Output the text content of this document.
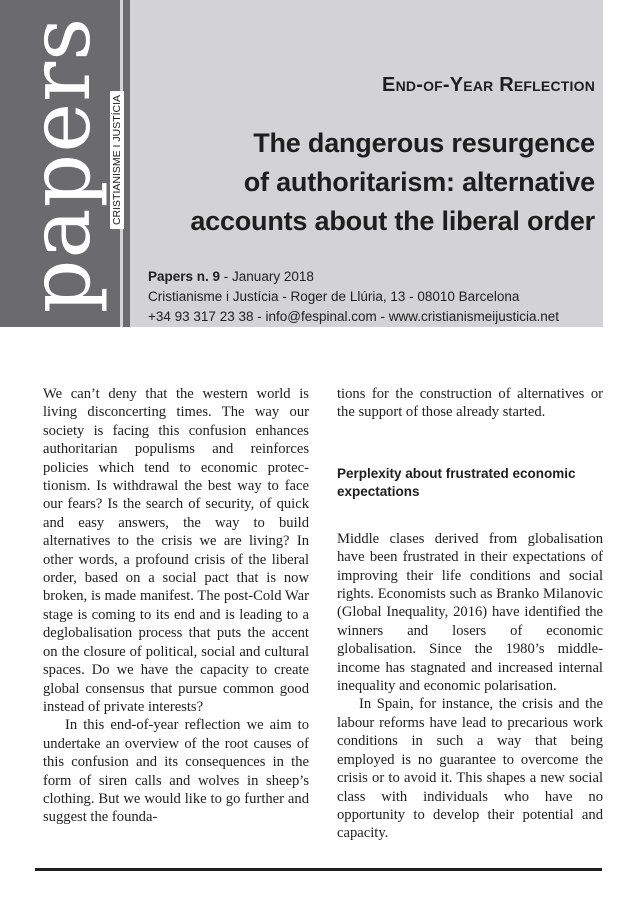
papers CRISTIANISME I JUSTÍCIA
End-of-Year Reflection
The dangerous resurgence
of authoritarism: alternative
accounts about the liberal order
Papers n. 9 - January 2018
Cristianisme i Justícia - Roger de Llúria, 13 - 08010 Barcelona
+34 93 317 23 38 - info@fespinal.com - www.cristianismeijusticia.net

We can’t deny that the western world is living disconcerting times. The way our society is facing this confusion enhances authoritarian populisms and reinforces policies which tend to economic protectionism. Is withdrawal the best way to face our fears? Is the search of security, of quick and easy answers, the way to build alternatives to the crisis we are living? In other words, a profound crisis of the liberal order, based on a social pact that is now broken, is made manifest. The post-Cold War stage is coming to its end and is leading to a deglobalisation process that puts the accent on the closure of political, social and cultural spaces. Do we have the capacity to create global consensus that pursue common good instead of private interests?

In this end-of-year reflection we aim to undertake an overview of the root causes of this confusion and its consequences in the form of siren calls and wolves in sheep’s clothing. But we would like to go further and suggest the founda-

tions for the construction of alternatives or the support of those already started.

Perplexity about frustrated economic expectations

Middle clases derived from globalisation have been frustrated in their expectations of improving their life conditions and social rights. Economists such as Branko Milanovic (Global Inequality, 2016) have identified the winners and losers of economic globalisation. Since the 1980’s middle-income has stagnated and increased internal inequality and economic polarisation.

In Spain, for instance, the crisis and the labour reforms have lead to precarious work conditions in such a way that being employed is no guarantee to overcome the crisis or to avoid it. This shapes a new social class with individuals who have no opportunity to develop their potential and capacity.
